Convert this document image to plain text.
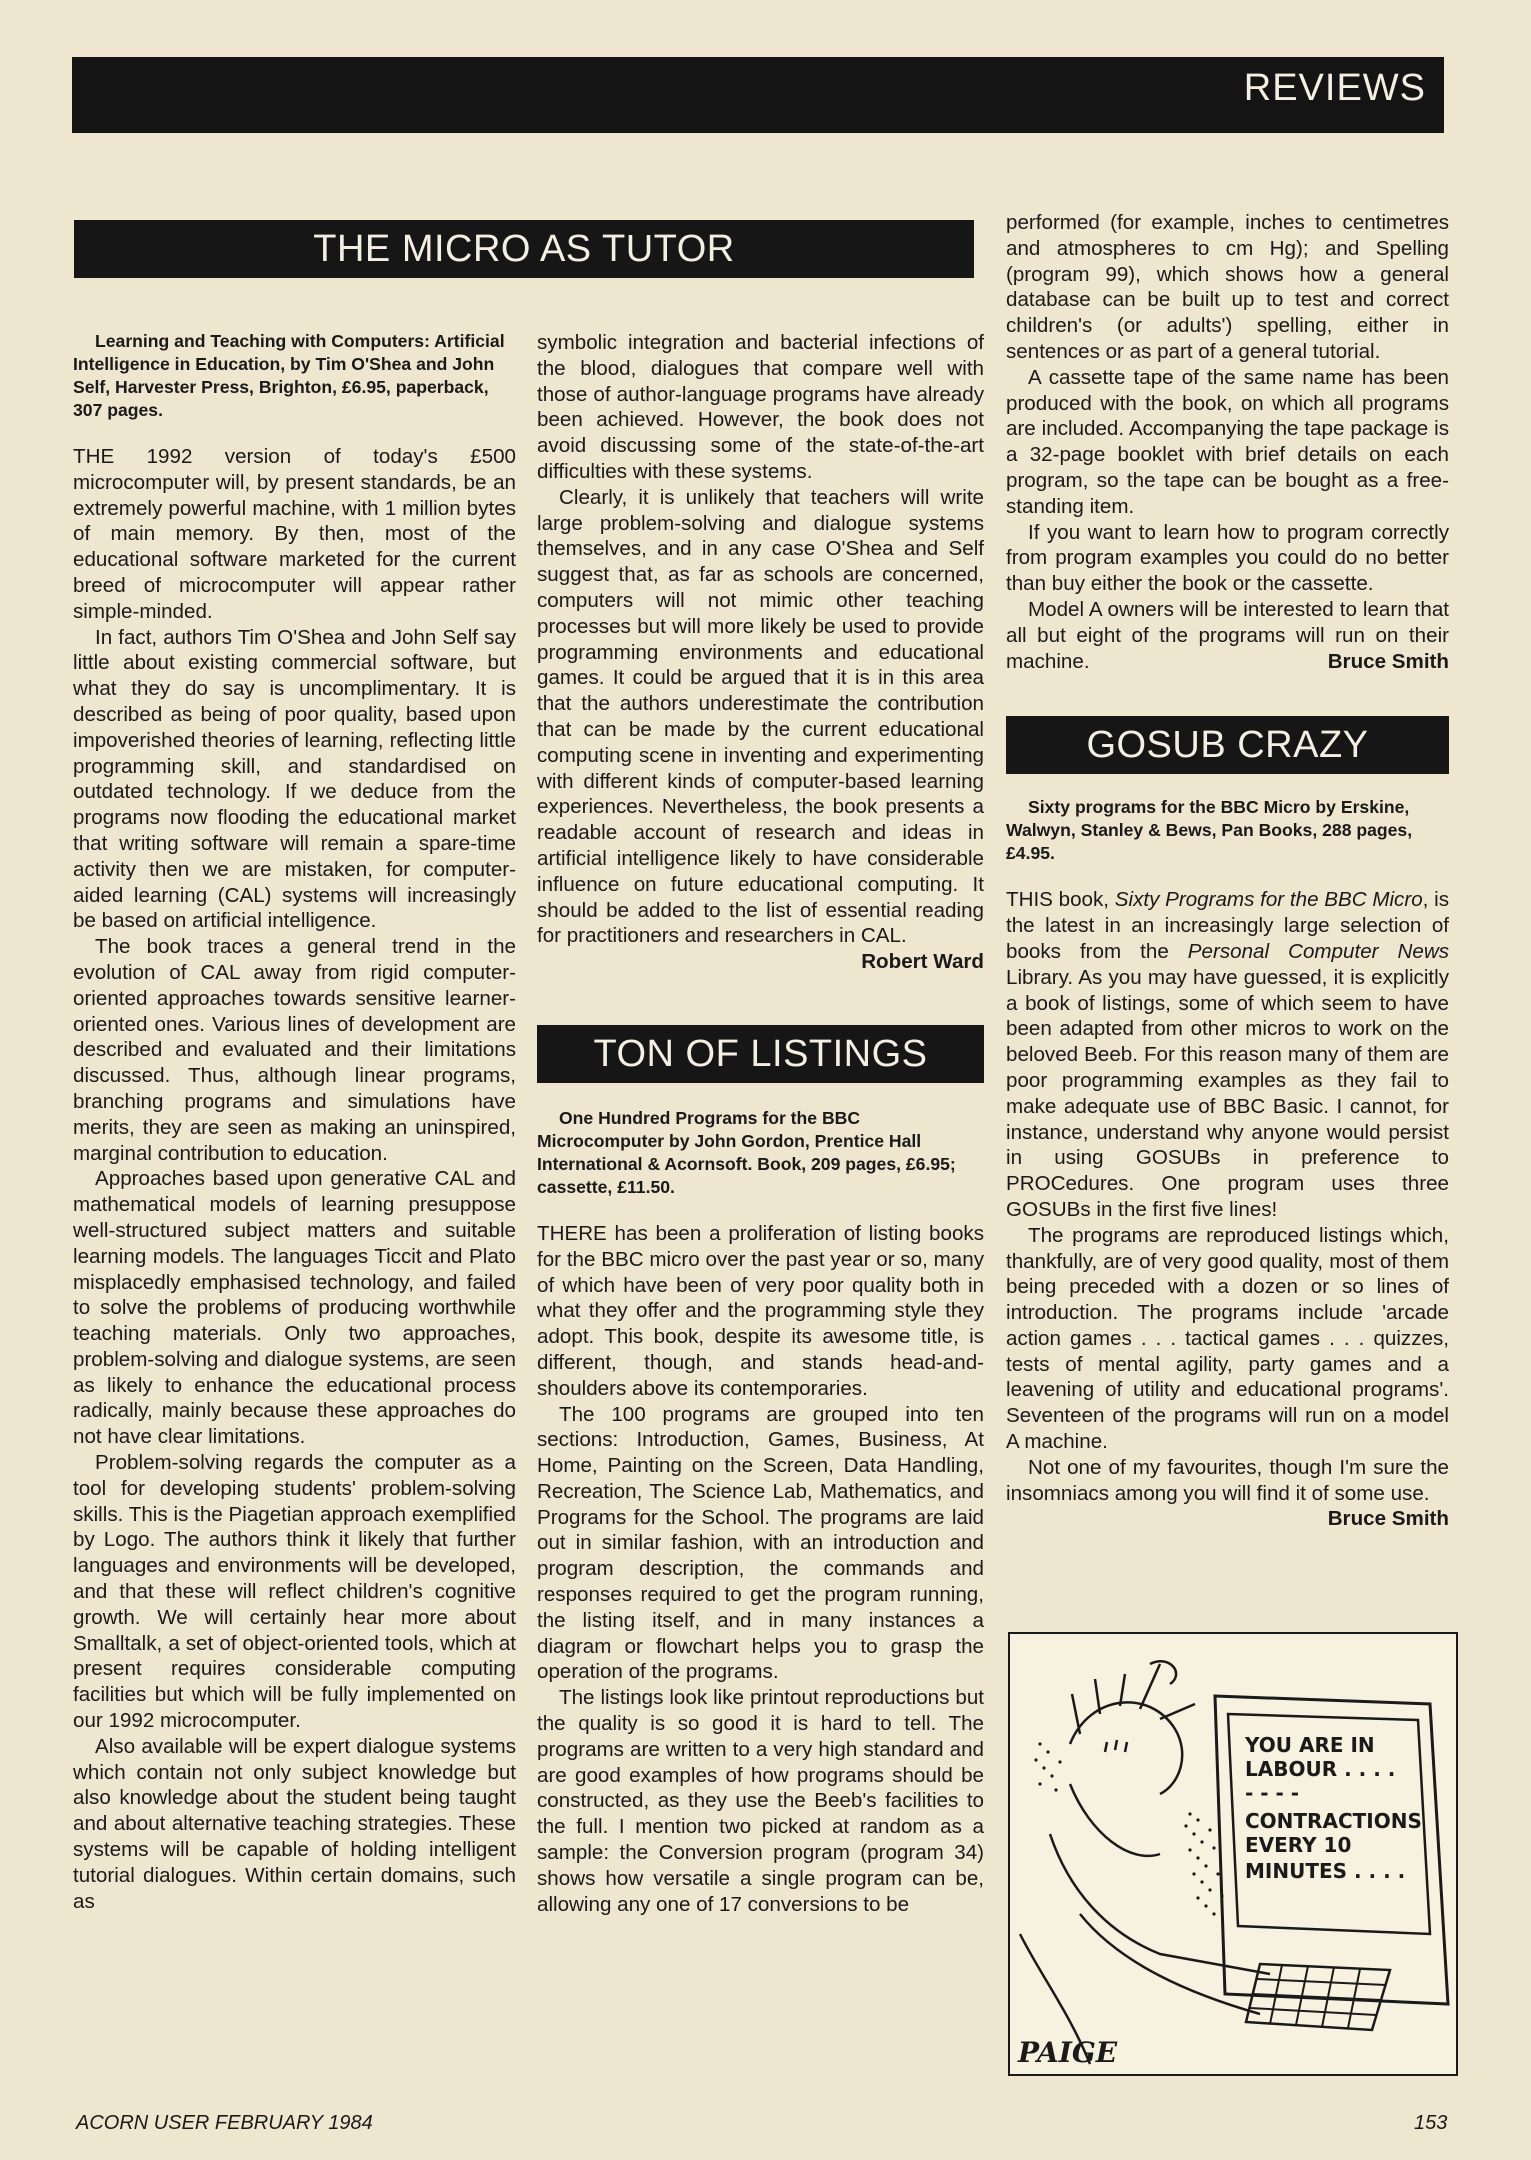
REVIEWS
THE MICRO AS TUTOR

Learning and Teaching with Computers: Artificial Intelligence in Education, by Tim O'Shea and John Self, Harvester Press, Brighton, £6.95, paperback, 307 pages.

THE 1992 version of today's £500 microcomputer will, by present standards, be an extremely powerful machine, with 1 million bytes of main memory. By then, most of the educational software marketed for the current breed of microcomputer will appear rather simple-minded.

In fact, authors Tim O'Shea and John Self say little about existing commercial software, but what they do say is uncomplimentary. It is described as being of poor quality, based upon impoverished theories of learning, reflecting little programming skill, and standardised on outdated technology. If we deduce from the programs now flooding the educational market that writing software will remain a spare-time activity then we are mistaken, for computer-aided learning (CAL) systems will increasingly be based on artificial intelligence.

The book traces a general trend in the evolution of CAL away from rigid computer-oriented approaches towards sensitive learner-oriented ones. Various lines of development are described and evaluated and their limitations discussed. Thus, although linear programs, branching programs and simulations have merits, they are seen as making an uninspired, marginal contribution to education.

Approaches based upon generative CAL and mathematical models of learning presuppose well-structured subject matters and suitable learning models. The languages Ticcit and Plato misplacedly emphasised technology, and failed to solve the problems of producing worthwhile teaching materials. Only two approaches, problem-solving and dialogue systems, are seen as likely to enhance the educational process radically, mainly because these approaches do not have clear limitations.

Problem-solving regards the computer as a tool for developing students' problem-solving skills. This is the Piagetian approach exemplified by Logo. The authors think it likely that further languages and environments will be developed, and that these will reflect children's cognitive growth. We will certainly hear more about Smalltalk, a set of object-oriented tools, which at present requires considerable computing facilities but which will be fully implemented on our 1992 microcomputer.

Also available will be expert dialogue systems which contain not only subject knowledge but also knowledge about the student being taught and about alternative teaching strategies. These systems will be capable of holding intelligent tutorial dialogues. Within certain domains, such as

symbolic integration and bacterial infections of the blood, dialogues that compare well with those of author-language programs have already been achieved. However, the book does not avoid discussing some of the state-of-the-art difficulties with these systems.

Clearly, it is unlikely that teachers will write large problem-solving and dialogue systems themselves, and in any case O'Shea and Self suggest that, as far as schools are concerned, computers will not mimic other teaching processes but will more likely be used to provide programming environments and educational games. It could be argued that it is in this area that the authors underestimate the contribution that can be made by the current educational computing scene in inventing and experimenting with different kinds of computer-based learning experiences. Nevertheless, the book presents a readable account of research and ideas in artificial intelligence likely to have considerable influence on future educational computing. It should be added to the list of essential reading for practitioners and researchers in CAL.
Robert Ward

TON OF LISTINGS

One Hundred Programs for the BBC Microcomputer by John Gordon, Prentice Hall International & Acornsoft. Book, 209 pages, £6.95; cassette, £11.50.

THERE has been a proliferation of listing books for the BBC micro over the past year or so, many of which have been of very poor quality both in what they offer and the programming style they adopt. This book, despite its awesome title, is different, though, and stands head-and-shoulders above its contemporaries.

The 100 programs are grouped into ten sections: Introduction, Games, Business, At Home, Painting on the Screen, Data Handling, Recreation, The Science Lab, Mathematics, and Programs for the School. The programs are laid out in similar fashion, with an introduction and program description, the commands and responses required to get the program running, the listing itself, and in many instances a diagram or flowchart helps you to grasp the operation of the programs.

The listings look like printout reproductions but the quality is so good it is hard to tell. The programs are written to a very high standard and are good examples of how programs should be constructed, as they use the Beeb's facilities to the full. I mention two picked at random as a sample: the Conversion program (program 34) shows how versatile a single program can be, allowing any one of 17 conversions to be

performed (for example, inches to centimetres and atmospheres to cm Hg); and Spelling (program 99), which shows how a general database can be built up to test and correct children's (or adults') spelling, either in sentences or as part of a general tutorial.

A cassette tape of the same name has been produced with the book, on which all programs are included. Accompanying the tape package is a 32-page booklet with brief details on each program, so the tape can be bought as a free-standing item.

If you want to learn how to program correctly from program examples you could do no better than buy either the book or the cassette.

Model A owners will be interested to learn that all but eight of the programs will run on their machine.	Bruce Smith

GOSUB CRAZY

Sixty programs for the BBC Micro by Erskine, Walwyn, Stanley & Bews, Pan Books, 288 pages, £4.95.

THIS book, Sixty Programs for the BBC Micro, is the latest in an increasingly large selection of books from the Personal Computer News Library. As you may have guessed, it is explicitly a book of listings, some of which seem to have been adapted from other micros to work on the beloved Beeb. For this reason many of them are poor programming examples as they fail to make adequate use of BBC Basic. I cannot, for instance, understand why anyone would persist in using GOSUBs in preference to PROCedures. One program uses three GOSUBs in the first five lines!

The programs are reproduced listings which, thankfully, are of very good quality, most of them being preceded with a dozen or so lines of introduction. The programs include 'arcade action games . . . tactical games . . . quizzes, tests of mental agility, party games and a leavening of utility and educational programs'. Seventeen of the programs will run on a model A machine.

Not one of my favourites, though I'm sure the insomniacs among you will find it of some use.
Bruce Smith

YOU ARE IN
LABOUR . . . .
- - - -
CONTRACTIONS
EVERY 10
MINUTES . . . .
PAIGE
ACORN USER FEBRUARY 1984	153
